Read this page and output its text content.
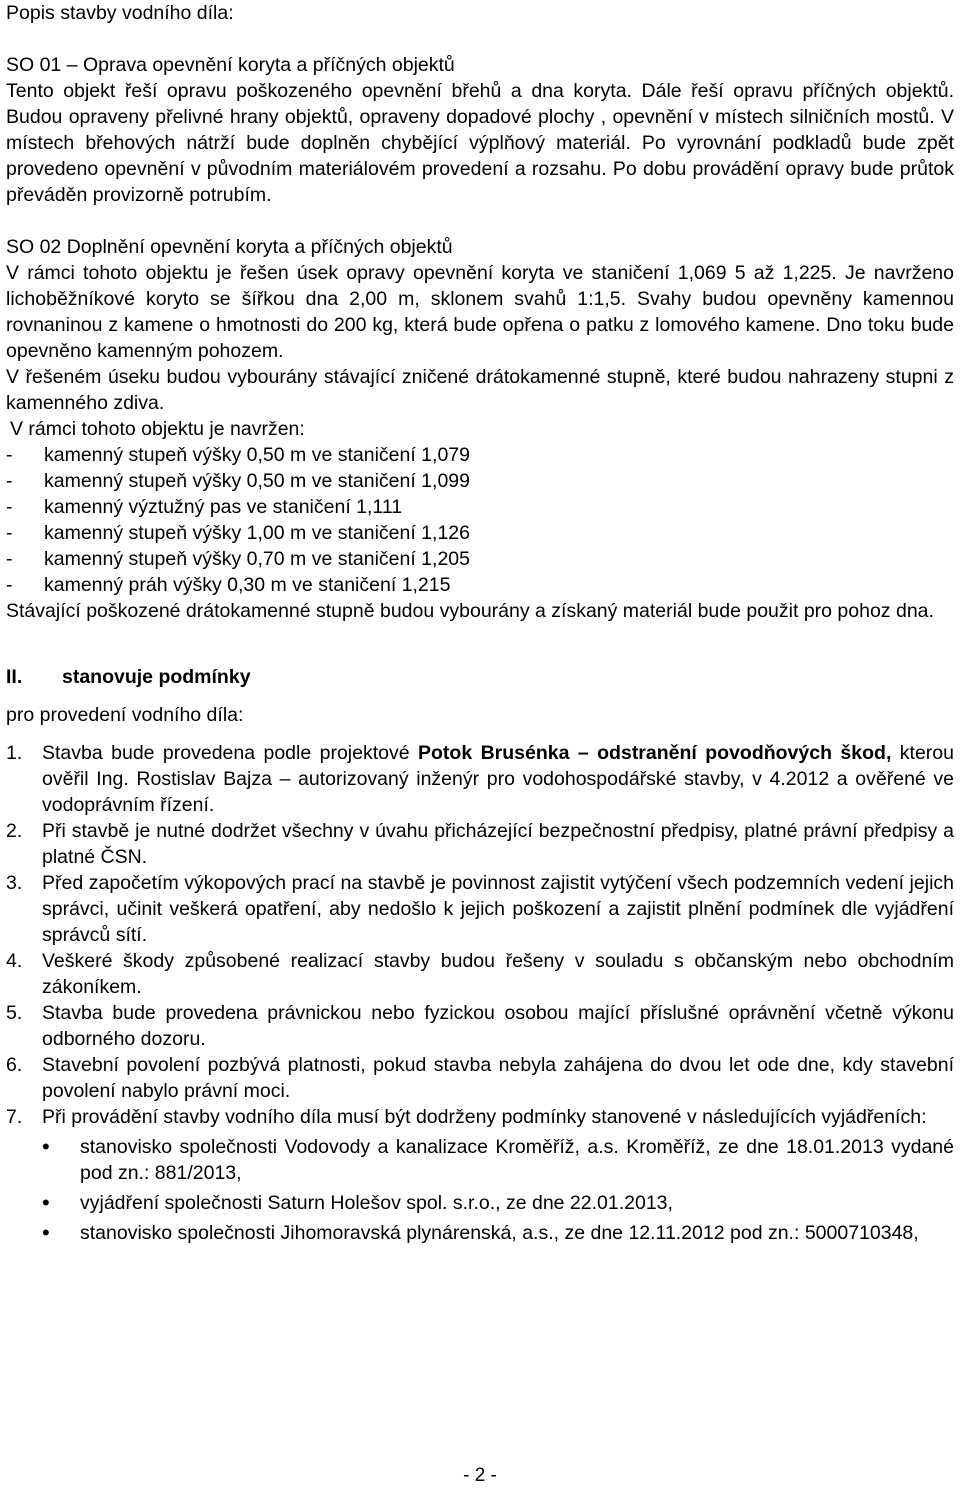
Popis stavby vodního díla:

SO 01 – Oprava opevnění koryta a příčných objektů

Tento objekt řeší opravu poškozeného opevnění břehů a dna koryta. Dále řeší opravu příčných objektů. Budou opraveny přelivné hrany objektů, opraveny dopadové plochy , opevnění v místech silničních mostů. V místech břehových nátrží bude doplněn chybějící výplňový materiál. Po vyrovnání podkladů bude zpět provedeno opevnění v původním materiálovém provedení a rozsahu. Po dobu provádění opravy bude průtok převáděn provizorně potrubím.

SO 02 Doplnění opevnění koryta a příčných objektů

V rámci tohoto objektu je řešen úsek opravy opevnění koryta ve staničení 1,069 5 až 1,225. Je navrženo lichoběžníkové koryto se šířkou dna 2,00 m, sklonem svahů 1:1,5. Svahy budou opevněny kamennou rovnaninou z kamene o hmotnosti do 200 kg, která bude opřena o patku z lomového kamene. Dno toku bude opevněno kamenným pohozem.

V řešeném úseku budou vybourány stávající zničené drátokamenné stupně, které budou nahrazeny stupni z kamenného zdiva.

V rámci tohoto objektu je navržen:

-	kamenný stupeň výšky 0,50 m ve staničení 1,079
-	kamenný stupeň výšky 0,50 m ve staničení 1,099
-	kamenný výztužný pas ve staničení 1,111
-	kamenný stupeň výšky 1,00 m ve staničení 1,126
-	kamenný stupeň výšky 0,70 m ve staničení 1,205
-	kamenný práh výšky 0,30 m ve staničení 1,215

Stávající poškozené drátokamenné stupně budou vybourány a získaný materiál bude použit pro pohoz dna.

II.	stanovuje podmínky

pro provedení vodního díla:

1.	Stavba bude provedena podle projektové Potok Brusénka – odstranění povodňových škod, kterou ověřil Ing. Rostislav Bajza – autorizovaný inženýr pro vodohospodářské stavby, v 4.2012 a ověřené ve vodoprávním řízení.
2.	Při stavbě je nutné dodržet všechny v úvahu přicházející bezpečnostní předpisy, platné právní předpisy a platné ČSN.
3.	Před započetím výkopových prací na stavbě je povinnost zajistit vytýčení všech podzemních vedení jejich správci, učinit veškerá opatření, aby nedošlo k jejich poškození a zajistit plnění podmínek dle vyjádření správců sítí.
4.	Veškeré škody způsobené realizací stavby budou řešeny v souladu s občanským nebo obchodním zákoníkem.
5.	Stavba bude provedena právnickou nebo fyzickou osobou mající příslušné oprávnění včetně výkonu odborného dozoru.
6.	Stavební povolení pozbývá platnosti, pokud stavba nebyla zahájena do dvou let ode dne, kdy stavební povolení nabylo právní moci.
7.	Při provádění stavby vodního díla musí být dodrženy podmínky stanovené v následujících vyjádřeních:
•	stanovisko společnosti Vodovody a kanalizace Kroměříž, a.s. Kroměříž, ze dne 18.01.2013 vydané pod zn.: 881/2013,
•	vyjádření společnosti Saturn Holešov spol. s.r.o., ze dne 22.01.2013,
•	stanovisko společnosti Jihomoravská plynárenská, a.s., ze dne 12.11.2012 pod zn.: 5000710348,
- 2 -
